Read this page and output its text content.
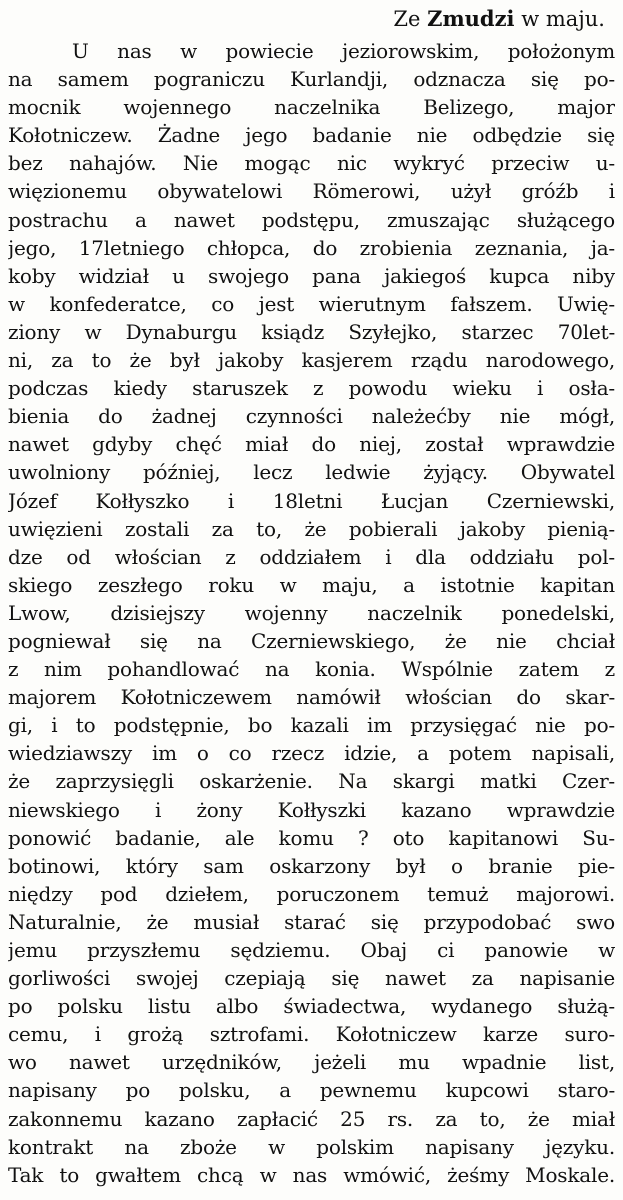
Ze Zmudzi w maju.
U nas w powiecie jeziorowskim, położonym
na samem pograniczu Kurlandji, odznacza się po-
mocnik wojennego naczelnika Belizego, major
Kołotniczew. Żadne jego badanie nie odbędzie się
bez nahajów. Nie mogąc nic wykryć przeciw u-
więzionemu obywatelowi Römerowi, użył gróźb i
postrachu a nawet podstępu, zmuszając służącego
jego, 17letniego chłopca, do zrobienia zeznania, ja-
koby widział u swojego pana jakiegoś kupca niby
w konfederatce, co jest wierutnym fałszem. Uwię-
ziony w Dynaburgu ksiądz Szyłejko, starzec 70let-
ni, za to że był jakoby kasjerem rządu narodowego,
podczas kiedy staruszek z powodu wieku i osła-
bienia do żadnej czynności należećby nie mógł,
nawet gdyby chęć miał do niej, został wprawdzie
uwolniony później, lecz ledwie żyjący. Obywatel
Józef Kołłyszko i 18letni Łucjan Czerniewski,
uwięzieni zostali za to, że pobierali jakoby pienią-
dze od włościan z oddziałem i dla oddziału pol-
skiego zeszłego roku w maju, a istotnie kapitan
Lwow, dzisiejszy wojenny naczelnik ponedelski,
pogniewał się na Czerniewskiego, że nie chciał
z nim pohandlować na konia. Wspólnie zatem z
majorem Kołotniczewem namówił włościan do skar-
gi, i to podstępnie, bo kazali im przysięgać nie po-
wiedziawszy im o co rzecz idzie, a potem napisali,
że zaprzysięgli oskarżenie. Na skargi matki Czer-
niewskiego i żony Kołłyszki kazano wprawdzie
ponowić badanie, ale komu ? oto kapitanowi Su-
botinowi, który sam oskarzony był o branie pie-
niędzy pod dziełem, poruczonem temuż majorowi.
Naturalnie, że musiał starać się przypodobać swo
jemu przyszłemu sędziemu. Obaj ci panowie w
gorliwości swojej czepiają się nawet za napisanie
po polsku listu albo świadectwa, wydanego służą-
cemu, i grożą sztrofami. Kołotniczew karze suro-
wo nawet urzędników, jeżeli mu wpadnie list,
napisany po polsku, a pewnemu kupcowi staro-
zakonnemu kazano zapłacić 25 rs. za to, że miał
kontrakt na zboże w polskim napisany języku.
Tak to gwałtem chcą w nas wmówić, żeśmy Moskale.
